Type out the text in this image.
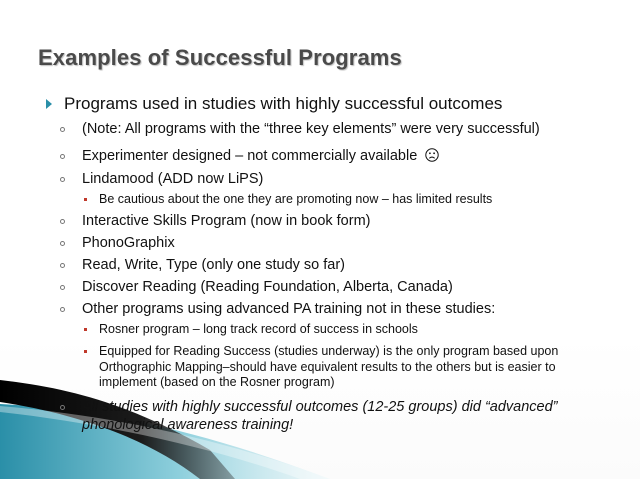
Examples of Successful Programs
Programs used in studies with highly successful outcomes
(Note: All programs with the “three key elements” were very successful)
Experimenter designed – not commercially available
Lindamood (ADD now LiPS)
Be cautious about the one they are promoting now – has limited results
Interactive Skills Program (now in book form)
PhonoGraphix
Read, Write, Type (only one study so far)
Discover Reading (Reading Foundation, Alberta, Canada)
Other programs using advanced PA training not in these studies:
Rosner program – long track record of success in schools
Equipped for Reading Success (studies underway) is the only program based upon Orthographic Mapping–should have equivalent results to the others but is easier to implement (based on the Rosner program)
All studies with highly successful outcomes (12-25 groups) did “advanced” phonological awareness training!
